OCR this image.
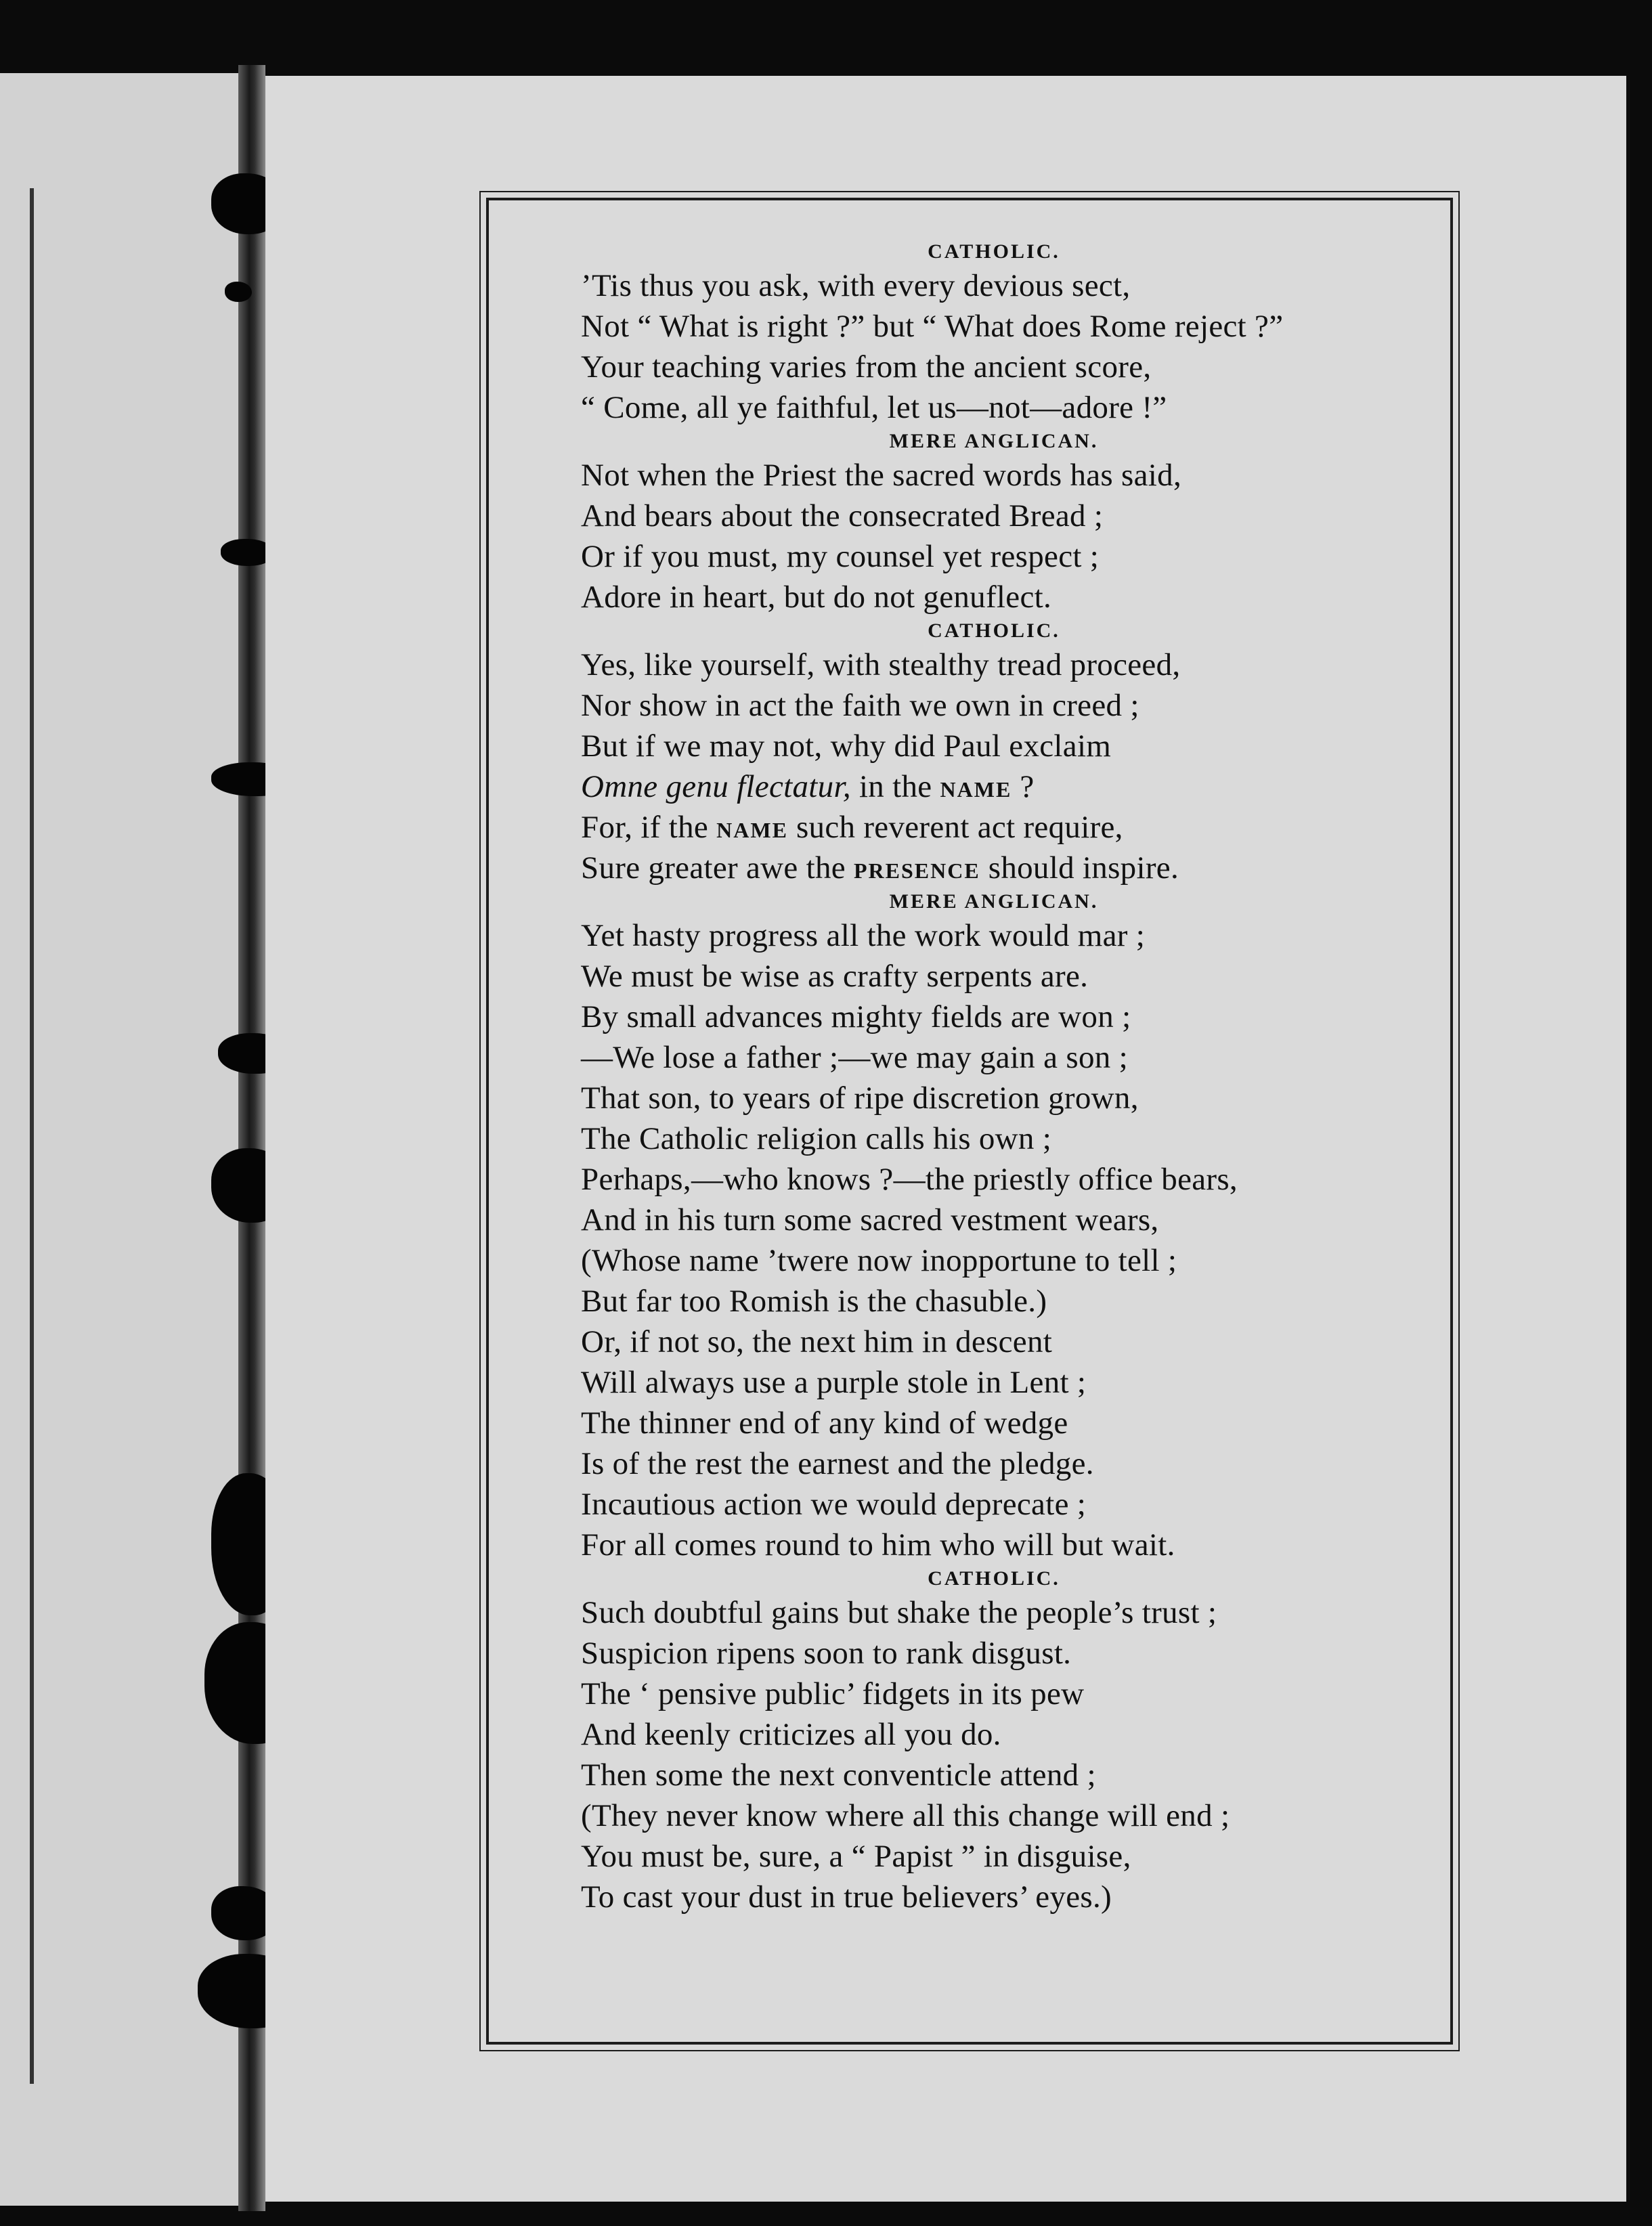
CATHOLIC.
’Tis thus you ask, with every devious sect,
Not “ What is right ?” but “ What does Rome reject ?”
Your teaching varies from the ancient score,
“ Come, all ye faithful, let us—not—adore !”
MERE ANGLICAN.
Not when the Priest the sacred words has said,
And bears about the consecrated Bread ;
Or if you must, my counsel yet respect ;
Adore in heart, but do not genuflect.
CATHOLIC.
Yes, like yourself, with stealthy tread proceed,
Nor show in act the faith we own in creed ;
But if we may not, why did Paul exclaim
Omne genu flectatur, in the NAME ?
For, if the NAME such reverent act require,
Sure greater awe the PRESENCE should inspire.
MERE ANGLICAN.
Yet hasty progress all the work would mar ;
We must be wise as crafty serpents are.
By small advances mighty fields are won ;
—We lose a father ;—we may gain a son ;
That son, to years of ripe discretion grown,
The Catholic religion calls his own ;
Perhaps,—who knows ?—the priestly office bears,
And in his turn some sacred vestment wears,
(Whose name ’twere now inopportune to tell ;
But far too Romish is the chasuble.)
Or, if not so, the next him in descent
Will always use a purple stole in Lent ;
The thinner end of any kind of wedge
Is of the rest the earnest and the pledge.
Incautious action we would deprecate ;
For all comes round to him who will but wait.
CATHOLIC.
Such doubtful gains but shake the people’s trust ;
Suspicion ripens soon to rank disgust.
The ‘ pensive public’ fidgets in its pew
And keenly criticizes all you do.
Then some the next conventicle attend ;
(They never know where all this change will end ;
You must be, sure, a “ Papist ” in disguise,
To cast your dust in true believers’ eyes.)
